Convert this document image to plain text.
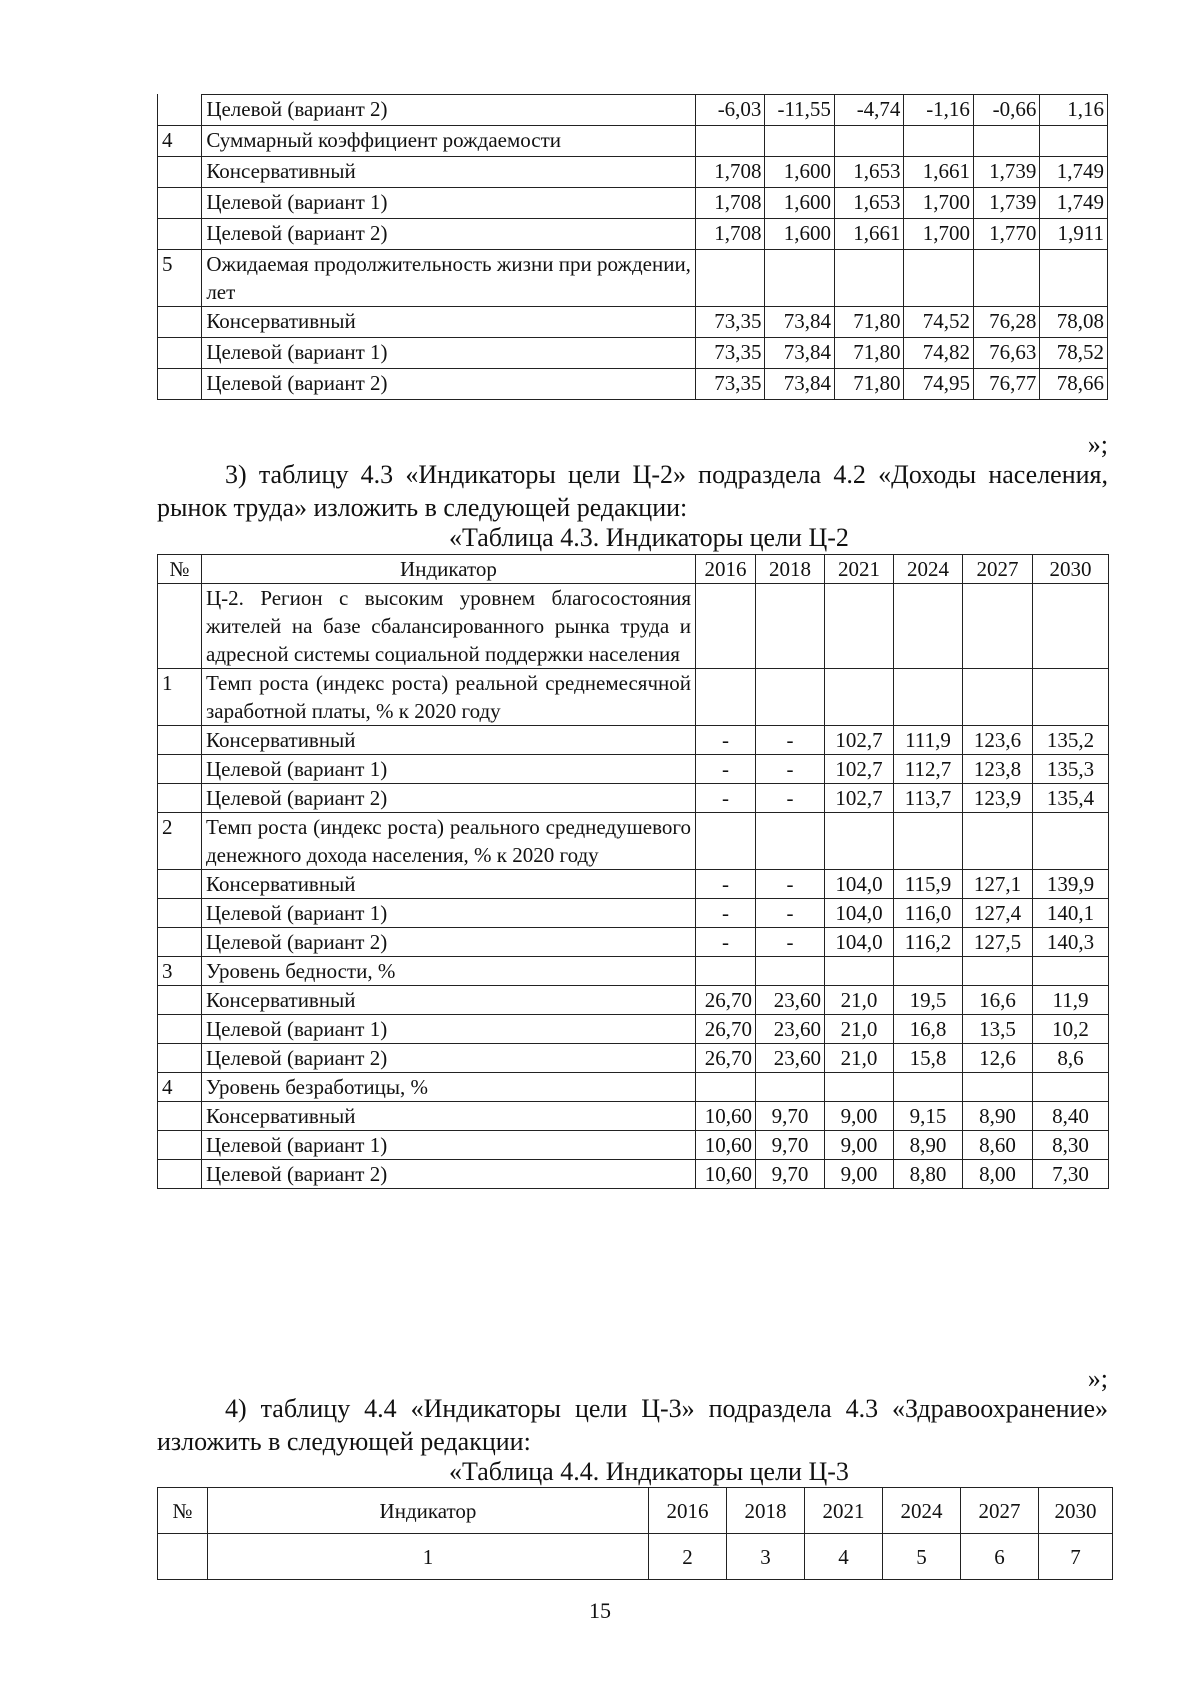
	Целевой (вариант 2)	-6,03	-11,55	-4,74	-1,16	-0,66	1,16
4	Суммарный коэффициент рождаемости						
	Консервативный	1,708	1,600	1,653	1,661	1,739	1,749
	Целевой (вариант 1)	1,708	1,600	1,653	1,700	1,739	1,749
	Целевой (вариант 2)	1,708	1,600	1,661	1,700	1,770	1,911
5	Ожидаемая продолжительность жизни при рождении, лет						
	Консервативный	73,35	73,84	71,80	74,52	76,28	78,08
	Целевой (вариант 1)	73,35	73,84	71,80	74,82	76,63	78,52
	Целевой (вариант 2)	73,35	73,84	71,80	74,95	76,77	78,66
»;
3) таблицу 4.3 «Индикаторы цели Ц-2» подраздела 4.2 «Доходы населения, рынок труда» изложить в следующей редакции:
«Таблица 4.3. Индикаторы цели Ц-2
№	Индикатор	2016	2018	2021	2024	2027	2030
	Ц-2. Регион с высоким уровнем благосостояния жителей на базе сбалансированного рынка труда и адресной системы социальной поддержки населения						
1	Темп роста (индекс роста) реальной среднемесячной заработной платы, % к 2020 году						
	Консервативный	-	-	102,7	111,9	123,6	135,2
	Целевой (вариант 1)	-	-	102,7	112,7	123,8	135,3
	Целевой (вариант 2)	-	-	102,7	113,7	123,9	135,4
2	Темп роста (индекс роста) реального среднедушевого денежного дохода населения, % к 2020 году						
	Консервативный	-	-	104,0	115,9	127,1	139,9
	Целевой (вариант 1)	-	-	104,0	116,0	127,4	140,1
	Целевой (вариант 2)	-	-	104,0	116,2	127,5	140,3
3	Уровень бедности, %						
	Консервативный	26,70	23,60	21,0	19,5	16,6	11,9
	Целевой (вариант 1)	26,70	23,60	21,0	16,8	13,5	10,2
	Целевой (вариант 2)	26,70	23,60	21,0	15,8	12,6	8,6
4	Уровень безработицы, %						
	Консервативный	10,60	9,70	9,00	9,15	8,90	8,40
	Целевой (вариант 1)	10,60	9,70	9,00	8,90	8,60	8,30
	Целевой (вариант 2)	10,60	9,70	9,00	8,80	8,00	7,30
»;
4) таблицу 4.4 «Индикаторы цели Ц-3» подраздела 4.3 «Здравоохранение» изложить в следующей редакции:
«Таблица 4.4. Индикаторы цели Ц-3
№	Индикатор	2016	2018	2021	2024	2027	2030
	1	2	3	4	5	6	7
15
